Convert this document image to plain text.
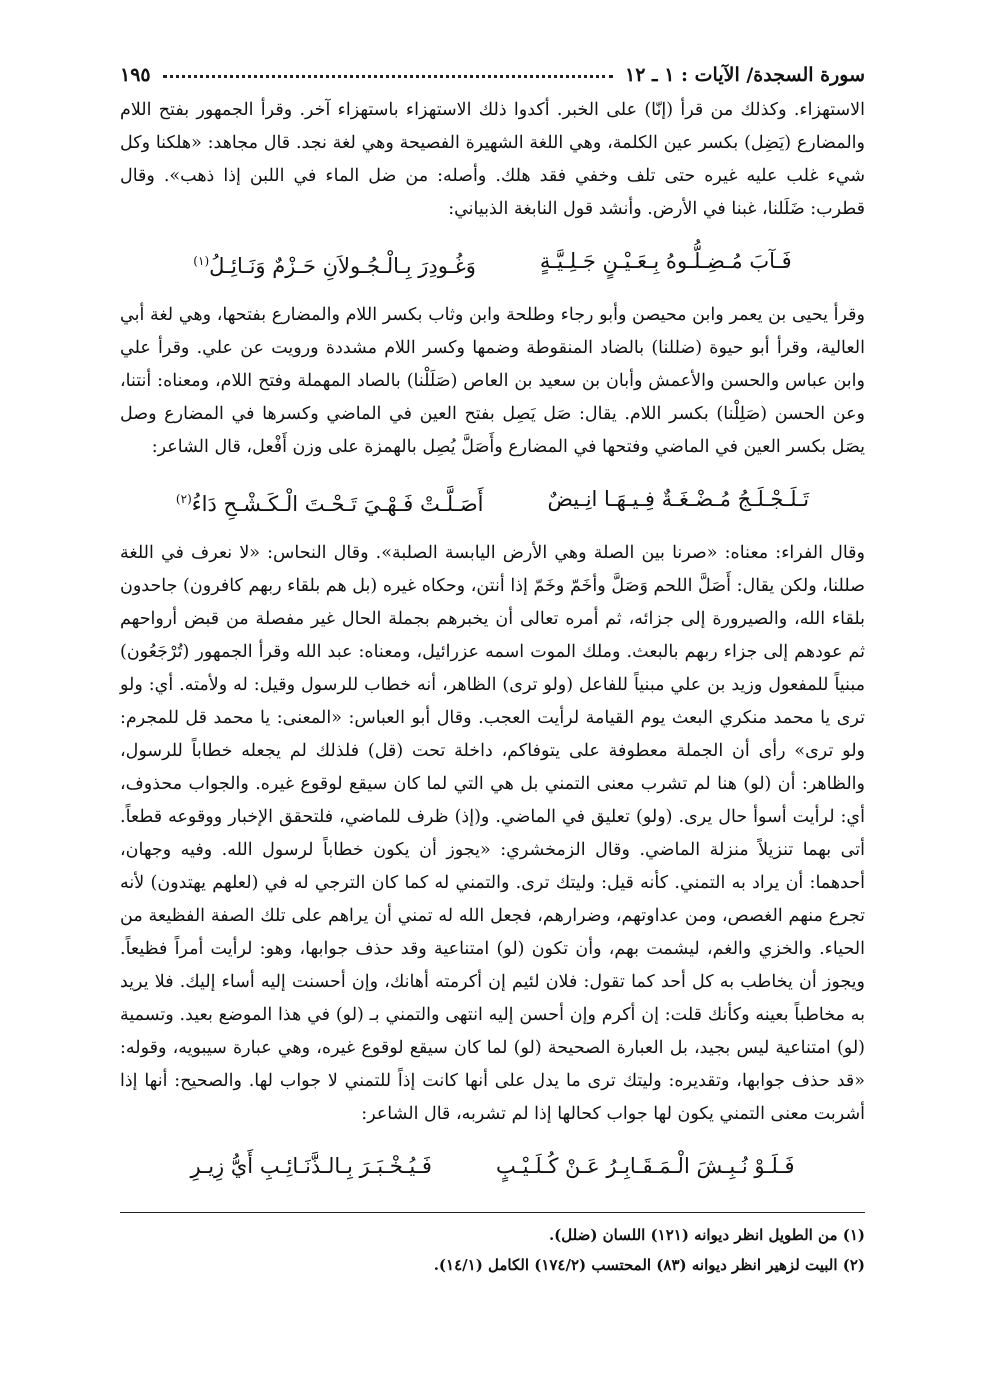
سورة السجدة/ الآيات : ١ ـ ١٢
١٩٥

الاستهزاء. وكذلك من قرأ (إنّا) على الخبر. أكدوا ذلك الاستهزاء باستهزاء آخر. وقرأ الجمهور بفتح اللام والمضارع (يَضِل) بكسر عين الكلمة، وهي اللغة الشهيرة الفصيحة وهي لغة نجد. قال مجاهد: «هلكنا وكل شيء غلب عليه غيره حتى تلف وخفي فقد هلك. وأصله: من ضل الماء في اللبن إذا ذهب». وقال قطرب: ضَلَلنا، غبنا في الأرض. وأنشد قول النابغة الذبياني:

فَـآبَ مُـضِـلُّـوهُ بِـعَـيْـنٍ جَـلِـيَّـةٍ
وَغُـودِرَ بِـالْـجُـولاَنِ حَـزْمٌ وَنَـائِـلُ$^{(١)}$

وقرأ يحيى بن يعمر وابن محيصن وأبو رجاء وطلحة وابن وثاب بكسر اللام والمضارع بفتحها، وهي لغة أبي العالية، وقرأ أبو حيوة (ضللنا) بالضاد المنقوطة وضمها وكسر اللام مشددة ورويت عن علي. وقرأ علي وابن عباس والحسن والأعمش وأبان بن سعيد بن العاص (صَلَلْنا) بالصاد المهملة وفتح اللام، ومعناه: أنتنا، وعن الحسن (صَلِلْنا) بكسر اللام. يقال: صَل يَصِل بفتح العين في الماضي وكسرها في المضارع وصل يصَل بكسر العين في الماضي وفتحها في المضارع وأَصَلَّ يُصِل بالهمزة على وزن أَفْعل، قال الشاعر:

تَـلَـجْـلَـجُ مُـضْـغَـةٌ فِـيـهَـا انِـيضٌ
أَصَـلَّـتْ فَـهْـيَ تَـحْـتَ الْـكَـشْـحِ دَاءُ$^{(٢)}$

وقال الفراء: معناه: «صرنا بين الصلة وهي الأرض اليابسة الصلبة». وقال النحاس: «لا نعرف في اللغة صللنا، ولكن يقال: أَصَلَّ اللحم وَصَلَّ وأخَمّ وخَمّ إذا أنتن، وحكاه غيره (بل هم بلقاء ربهم كافرون) جاحدون بلقاء الله، والصيرورة إلى جزائه، ثم أمره تعالى أن يخبرهم بجملة الحال غير مفصلة من قبض أرواحهم ثم عودهم إلى جزاء ربهم بالبعث. وملك الموت اسمه عزرائيل، ومعناه: عبد الله وقرأ الجمهور (تُرْجَعُون) مبنياً للمفعول وزيد بن علي مبنياً للفاعل (ولو ترى) الظاهر، أنه خطاب للرسول وقيل: له ولأمته. أي: ولو ترى يا محمد منكري البعث يوم القيامة لرأيت العجب. وقال أبو العباس: «المعنى: يا محمد قل للمجرم: ولو ترى» رأى أن الجملة معطوفة على يتوفاكم، داخلة تحت (قل) فلذلك لم يجعله خطاباً للرسول، والظاهر: أن (لو) هنا لم تشرب معنى التمني بل هي التي لما كان سيقع لوقوع غيره. والجواب محذوف، أي: لرأيت أسوأ حال يرى. (ولو) تعليق في الماضي. و(إذ) ظرف للماضي، فلتحقق الإخبار ووقوعه قطعاً. أتى بهما تنزيلاً منزلة الماضي. وقال الزمخشري: «يجوز أن يكون خطاباً لرسول الله. وفيه وجهان، أحدهما: أن يراد به التمني. كأنه قيل: وليتك ترى. والتمني له كما كان الترجي له في (لعلهم يهتدون) لأنه تجرع منهم الغصص، ومن عداوتهم، وضرارهم، فجعل الله له تمني أن يراهم على تلك الصفة الفظيعة من الحياء. والخزي والغم، ليشمت بهم، وأن تكون (لو) امتناعية وقد حذف جوابها، وهو: لرأيت أمراً فظيعاً. ويجوز أن يخاطب به كل أحد كما تقول: فلان لئيم إن أكرمته أهانك، وإن أحسنت إليه أساء إليك. فلا يريد به مخاطباً بعينه وكأنك قلت: إن أكرم وإن أحسن إليه انتهى والتمني بـ (لو) في هذا الموضع بعيد. وتسمية (لو) امتناعية ليس بجيد، بل العبارة الصحيحة (لو) لما كان سيقع لوقوع غيره، وهي عبارة سيبويه، وقوله: «قد حذف جوابها، وتقديره: وليتك ترى ما يدل على أنها كانت إذاً للتمني لا جواب لها. والصحيح: أنها إذا أشربت معنى التمني يكون لها جواب كحالها إذا لم تشربه، قال الشاعر:

فَـلَـوْ نُـبِـشَ الْـمَـقَـابِـرُ عَـنْ كُـلَـيْـبٍ
فَـيُـخْـبَـرَ بِـالـذَّنَـائِـبِ أَيُّ زِيـرِ

(١) من الطويل انظر ديوانه (١٢١) اللسان (ضلل).

(٢) البيت لزهير انظر ديوانه (٨٣) المحتسب (١٧٤/٢) الكامل (١٤/١).
